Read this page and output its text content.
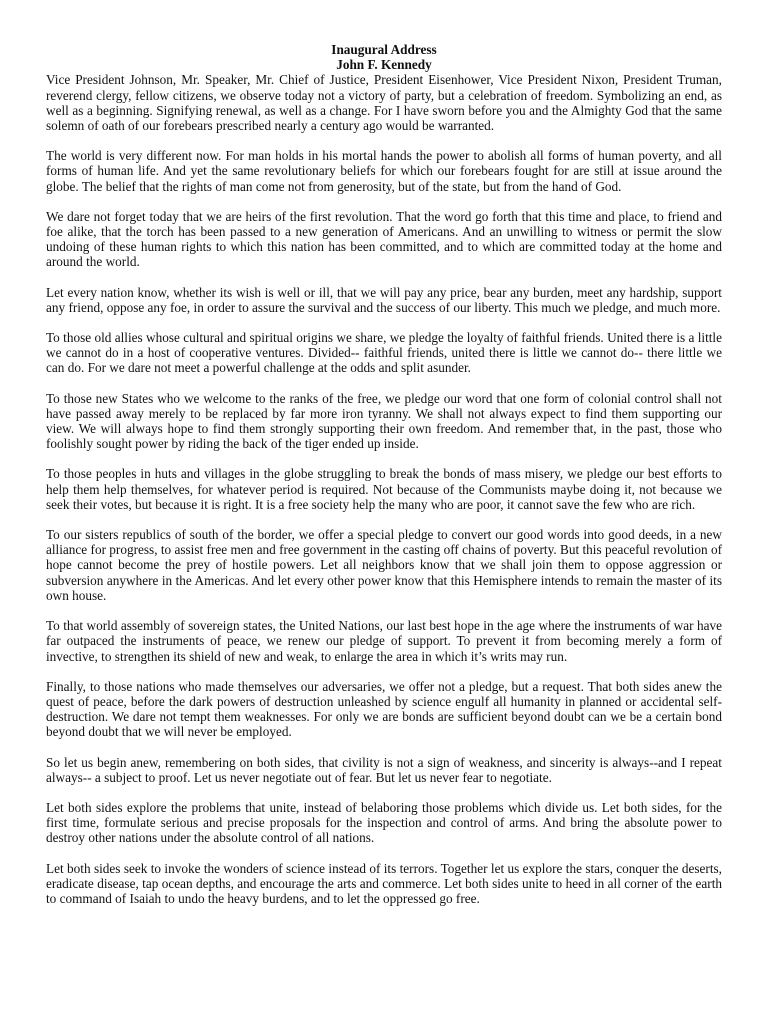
Inaugural Address
John F. Kennedy

Vice President Johnson, Mr. Speaker, Mr. Chief of Justice, President Eisenhower, Vice President Nixon, President Truman, reverend clergy, fellow citizens, we observe today not a victory of party, but a celebration of freedom. Symbolizing an end, as well as a beginning. Signifying renewal, as well as a change. For I have sworn before you and the Almighty God that the same solemn of oath of our forebears prescribed nearly a century ago would be warranted.

The world is very different now. For man holds in his mortal hands the power to abolish all forms of human poverty, and all forms of human life. And yet the same revolutionary beliefs for which our forebears fought for are still at issue around the globe. The belief that the rights of man come not from generosity, but of the state, but from the hand of God.

We dare not forget today that we are heirs of the first revolution. That the word go forth that this time and place, to friend and foe alike, that the torch has been passed to a new generation of Americans. And an unwilling to witness or permit the slow undoing of these human rights to which this nation has been committed, and to which are committed today at the home and around the world.

Let every nation know, whether its wish is well or ill, that we will pay any price, bear any burden, meet any hardship, support any friend, oppose any foe, in order to assure the survival and the success of our liberty. This much we pledge, and much more.

To those old allies whose cultural and spiritual origins we share, we pledge the loyalty of faithful friends. United there is a little we cannot do in a host of cooperative ventures. Divided-- faithful friends, united there is little we cannot do-- there little we can do. For we dare not meet a powerful challenge at the odds and split asunder.

To those new States who we welcome to the ranks of the free, we pledge our word that one form of colonial control shall not have passed away merely to be replaced by far more iron tyranny. We shall not always expect to find them supporting our view. We will always hope to find them strongly supporting their own freedom. And remember that, in the past, those who foolishly sought power by riding the back of the tiger ended up inside.

To those peoples in huts and villages in the globe struggling to break the bonds of mass misery, we pledge our best efforts to help them help themselves, for whatever period is required. Not because of the Communists maybe doing it, not because we seek their votes, but because it is right. It is a free society help the many who are poor, it cannot save the few who are rich.

To our sisters republics of south of the border, we offer a special pledge to convert our good words into good deeds, in a new alliance for progress, to assist free men and free government in the casting off chains of poverty. But this peaceful revolution of hope cannot become the prey of hostile powers. Let all neighbors know that we shall join them to oppose aggression or subversion anywhere in the Americas. And let every other power know that this Hemisphere intends to remain the master of its own house.

To that world assembly of sovereign states, the United Nations, our last best hope in the age where the instruments of war have far outpaced the instruments of peace, we renew our pledge of support. To prevent it from becoming merely a form of invective, to strengthen its shield of new and weak, to enlarge the area in which it’s writs may run.

Finally, to those nations who made themselves our adversaries, we offer not a pledge, but a request. That both sides anew the quest of peace, before the dark powers of destruction unleashed by science engulf all humanity in planned or accidental self-destruction. We dare not tempt them weaknesses. For only we are bonds are sufficient beyond doubt can we be a certain bond beyond doubt that we will never be employed.

So let us begin anew, remembering on both sides, that civility is not a sign of weakness, and sincerity is always--and I repeat always-- a subject to proof. Let us never negotiate out of fear. But let us never fear to negotiate.

Let both sides explore the problems that unite, instead of belaboring those problems which divide us. Let both sides, for the first time, formulate serious and precise proposals for the inspection and control of arms. And bring the absolute power to destroy other nations under the absolute control of all nations.

Let both sides seek to invoke the wonders of science instead of its terrors. Together let us explore the stars, conquer the deserts, eradicate disease, tap ocean depths, and encourage the arts and commerce. Let both sides unite to heed in all corner of the earth to command of Isaiah to undo the heavy burdens, and to let the oppressed go free.
